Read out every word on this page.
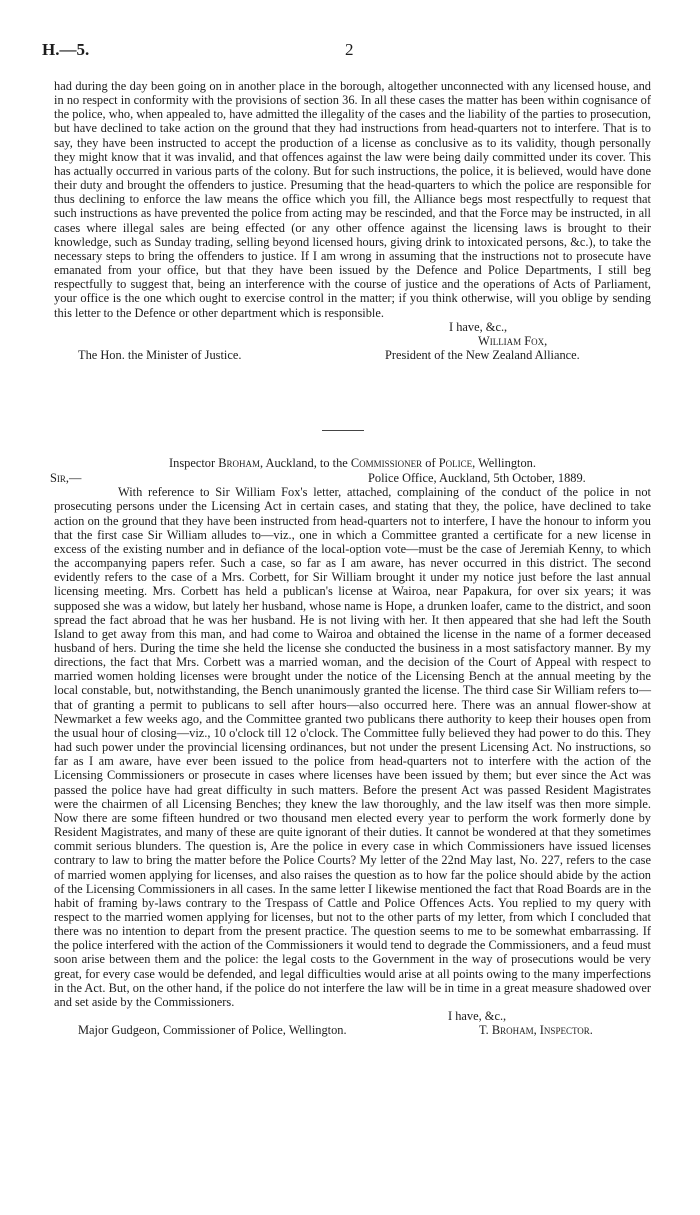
H.—5.	2

had during the day been going on in another place in the borough, altogether unconnected with any licensed house, and in no respect in conformity with the provisions of section 36. In all these cases the matter has been within cognisance of the police, who, when appealed to, have admitted the illegality of the cases and the liability of the parties to prosecution, but have declined to take action on the ground that they had instructions from head-quarters not to interfere. That is to say, they have been instructed to accept the production of a license as conclusive as to its validity, though personally they might know that it was invalid, and that offences against the law were being daily committed under its cover. This has actually occurred in various parts of the colony. But for such instructions, the police, it is believed, would have done their duty and brought the offenders to justice. Presuming that the head-quarters to which the police are responsible for thus declining to enforce the law means the office which you fill, the Alliance begs most respectfully to request that such instructions as have prevented the police from acting may be rescinded, and that the Force may be instructed, in all cases where illegal sales are being effected (or any other offence against the licensing laws is brought to their knowledge, such as Sunday trading, selling beyond licensed hours, giving drink to intoxicated persons, &c.), to take the necessary steps to bring the offenders to justice. If I am wrong in assuming that the instructions not to prosecute have emanated from your office, but that they have been issued by the Defence and Police Departments, I still beg respectfully to suggest that, being an interference with the course of justice and the operations of Acts of Parliament, your office is the one which ought to exercise control in the matter; if you think otherwise, will you oblige by sending this letter to the Defence or other department which is responsible.

I have, &c.,
William Fox,
The Hon. the Minister of Justice.	President of the New Zealand Alliance.

Inspector Broham, Auckland, to the Commissioner of Police, Wellington.

Sir,—	Police Office, Auckland, 5th October, 1889.

With reference to Sir William Fox's letter, attached, complaining of the conduct of the police in not prosecuting persons under the Licensing Act in certain cases, and stating that they, the police, have declined to take action on the ground that they have been instructed from head-quarters not to interfere, I have the honour to inform you that the first case Sir William alludes to—viz., one in which a Committee granted a certificate for a new license in excess of the existing number and in defiance of the local-option vote—must be the case of Jeremiah Kenny, to which the accompanying papers refer. Such a case, so far as I am aware, has never occurred in this district. The second evidently refers to the case of a Mrs. Corbett, for Sir William brought it under my notice just before the last annual licensing meeting. Mrs. Corbett has held a publican's license at Wairoa, near Papakura, for over six years; it was supposed she was a widow, but lately her husband, whose name is Hope, a drunken loafer, came to the district, and soon spread the fact abroad that he was her husband. He is not living with her. It then appeared that she had left the South Island to get away from this man, and had come to Wairoa and obtained the license in the name of a former deceased husband of hers. During the time she held the license she conducted the business in a most satisfactory manner. By my directions, the fact that Mrs. Corbett was a married woman, and the decision of the Court of Appeal with respect to married women holding licenses were brought under the notice of the Licensing Bench at the annual meeting by the local constable, but, notwithstanding, the Bench unanimously granted the license. The third case Sir William refers to—that of granting a permit to publicans to sell after hours—also occurred here. There was an annual flower-show at Newmarket a few weeks ago, and the Committee granted two publicans there authority to keep their houses open from the usual hour of closing—viz., 10 o'clock till 12 o'clock. The Committee fully believed they had power to do this. They had such power under the provincial licensing ordinances, but not under the present Licensing Act. No instructions, so far as I am aware, have ever been issued to the police from head-quarters not to interfere with the action of the Licensing Commissioners or prosecute in cases where licenses have been issued by them; but ever since the Act was passed the police have had great difficulty in such matters. Before the present Act was passed Resident Magistrates were the chairmen of all Licensing Benches; they knew the law thoroughly, and the law itself was then more simple. Now there are some fifteen hundred or two thousand men elected every year to perform the work formerly done by Resident Magistrates, and many of these are quite ignorant of their duties. It cannot be wondered at that they sometimes commit serious blunders. The question is, Are the police in every case in which Commissioners have issued licenses contrary to law to bring the matter before the Police Courts? My letter of the 22nd May last, No. 227, refers to the case of married women applying for licenses, and also raises the question as to how far the police should abide by the action of the Licensing Commissioners in all cases. In the same letter I likewise mentioned the fact that Road Boards are in the habit of framing by-laws contrary to the Trespass of Cattle and Police Offences Acts. You replied to my query with respect to the married women applying for licenses, but not to the other parts of my letter, from which I concluded that there was no intention to depart from the present practice. The question seems to me to be somewhat embarrassing. If the police interfered with the action of the Commissioners it would tend to degrade the Commissioners, and a feud must soon arise between them and the police: the legal costs to the Government in the way of prosecutions would be very great, for every case would be defended, and legal difficulties would arise at all points owing to the many imperfections in the Act. But, on the other hand, if the police do not interfere the law will be in time in a great measure shadowed over and set aside by the Commissioners.

I have, &c.,
Major Gudgeon, Commissioner of Police, Wellington.	T. Broham, Inspector.
